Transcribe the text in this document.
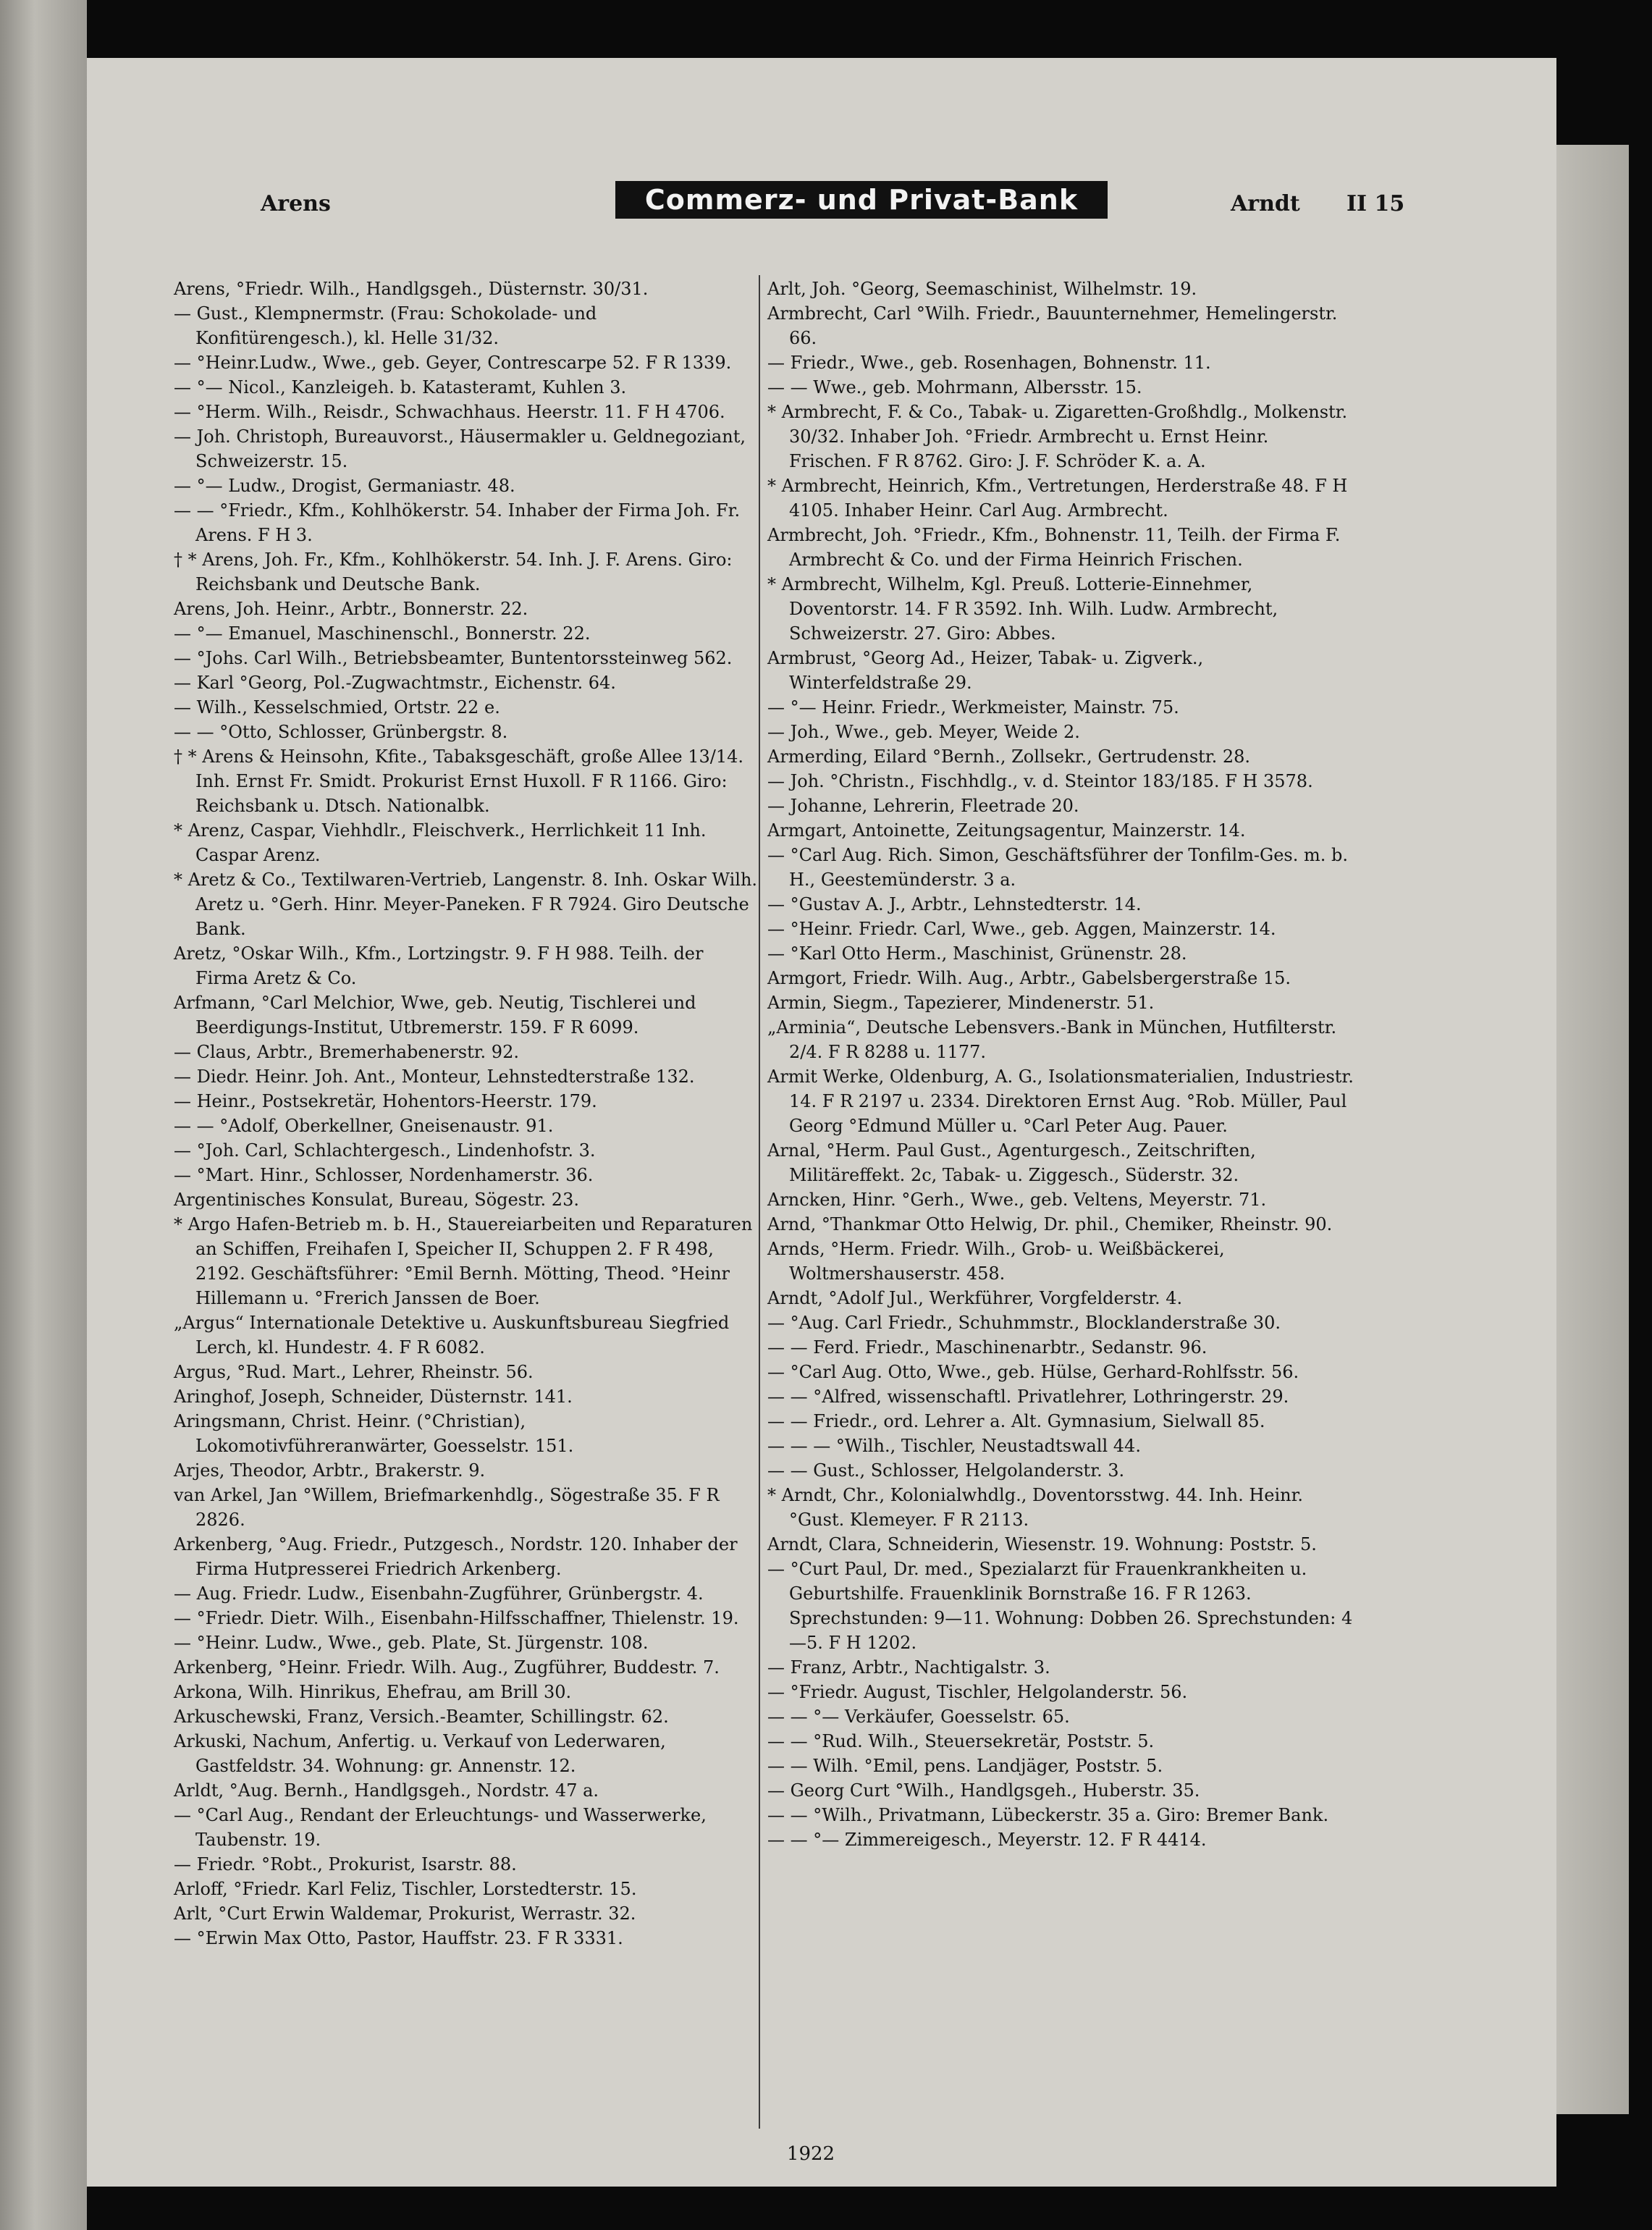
Arens	Commerz- und Privat-Bank	Arndt II 15

Arens, °Friedr. Wilh., Handlgsgeh., Düsternstr. 30/31.

— Gust., Klempnermstr. (Frau: Schokolade- und Konfitürengesch.), kl. Helle 31/32.

— °Heinr.Ludw., Wwe., geb. Geyer, Contrescarpe 52. F R 1339.

— °— Nicol., Kanzleigeh. b. Katasteramt, Kuhlen 3.

— °Herm. Wilh., Reisdr., Schwachhaus. Heerstr. 11. F H 4706.

— Joh. Christoph, Bureauvorst., Häusermakler u. Geldnegoziant, Schweizerstr. 15.

— °— Ludw., Drogist, Germaniastr. 48.

— — °Friedr., Kfm., Kohlhökerstr. 54. Inhaber der Firma Joh. Fr. Arens. F H 3.

† * Arens, Joh. Fr., Kfm., Kohlhökerstr. 54. Inh. J. F. Arens. Giro: Reichsbank und Deutsche Bank.

Arens, Joh. Heinr., Arbtr., Bonnerstr. 22.

— °— Emanuel, Maschinenschl., Bonnerstr. 22.

— °Johs. Carl Wilh., Betriebsbeamter, Buntentorssteinweg 562.

— Karl °Georg, Pol.-Zugwachtmstr., Eichenstr. 64.

— Wilh., Kesselschmied, Ortstr. 22 e.

— — °Otto, Schlosser, Grünbergstr. 8.

† * Arens & Heinsohn, Kfite., Tabaksgeschäft, große Allee 13/14. Inh. Ernst Fr. Smidt. Prokurist Ernst Huxoll. F R 1166. Giro: Reichsbank u. Dtsch. Nationalbk.

* Arenz, Caspar, Viehhdlr., Fleischverk., Herrlichkeit 11 Inh. Caspar Arenz.

* Aretz & Co., Textilwaren-Vertrieb, Langenstr. 8. Inh. Oskar Wilh. Aretz u. °Gerh. Hinr. Meyer-Paneken. F R 7924. Giro Deutsche Bank.

Aretz, °Oskar Wilh., Kfm., Lortzingstr. 9. F H 988. Teilh. der Firma Aretz & Co.

Arfmann, °Carl Melchior, Wwe, geb. Neutig, Tischlerei und Beerdigungs-Institut, Utbremerstr. 159. F R 6099.

— Claus, Arbtr., Bremerhabenerstr. 92.

— Diedr. Heinr. Joh. Ant., Monteur, Lehnstedterstraße 132.

— Heinr., Postsekretär, Hohentors-Heerstr. 179.

— — °Adolf, Oberkellner, Gneisenaustr. 91.

— °Joh. Carl, Schlachtergesch., Lindenhofstr. 3.

— °Mart. Hinr., Schlosser, Nordenhamerstr. 36.

Argentinisches Konsulat, Bureau, Sögestr. 23.

* Argo Hafen-Betrieb m. b. H., Stauereiarbeiten und Reparaturen an Schiffen, Freihafen I, Speicher II, Schuppen 2. F R 498, 2192. Geschäftsführer: °Emil Bernh. Mötting, Theod. °Heinr Hillemann u. °Frerich Janssen de Boer.

„Argus“ Internationale Detektive u. Auskunftsbureau Siegfried Lerch, kl. Hundestr. 4. F R 6082.

Argus, °Rud. Mart., Lehrer, Rheinstr. 56.

Aringhof, Joseph, Schneider, Düsternstr. 141.

Aringsmann, Christ. Heinr. (°Christian), Lokomotivführeranwärter, Goesselstr. 151.

Arjes, Theodor, Arbtr., Brakerstr. 9.

van Arkel, Jan °Willem, Briefmarkenhdlg., Sögestraße 35. F R 2826.

Arkenberg, °Aug. Friedr., Putzgesch., Nordstr. 120. Inhaber der Firma Hutpresserei Friedrich Arkenberg.

— Aug. Friedr. Ludw., Eisenbahn-Zugführer, Grünbergstr. 4.

— °Friedr. Dietr. Wilh., Eisenbahn-Hilfsschaffner, Thielenstr. 19.

— °Heinr. Ludw., Wwe., geb. Plate, St. Jürgenstr. 108.

Arkenberg, °Heinr. Friedr. Wilh. Aug., Zugführer, Buddestr. 7.

Arkona, Wilh. Hinrikus, Ehefrau, am Brill 30.

Arkuschewski, Franz, Versich.-Beamter, Schillingstr. 62.

Arkuski, Nachum, Anfertig. u. Verkauf von Lederwaren, Gastfeldstr. 34. Wohnung: gr. Annenstr. 12.

Arldt, °Aug. Bernh., Handlgsgeh., Nordstr. 47 a.

— °Carl Aug., Rendant der Erleuchtungs- und Wasserwerke, Taubenstr. 19.

— Friedr. °Robt., Prokurist, Isarstr. 88.

Arloff, °Friedr. Karl Feliz, Tischler, Lorstedterstr. 15.

Arlt, °Curt Erwin Waldemar, Prokurist, Werrastr. 32.

— °Erwin Max Otto, Pastor, Hauffstr. 23. F R 3331.

Arlt, Joh. °Georg, Seemaschinist, Wilhelmstr. 19.

Armbrecht, Carl °Wilh. Friedr., Bauunternehmer, Hemelingerstr. 66.

— Friedr., Wwe., geb. Rosenhagen, Bohnenstr. 11.

— — Wwe., geb. Mohrmann, Albersstr. 15.

* Armbrecht, F. & Co., Tabak- u. Zigaretten-Großhdlg., Molkenstr. 30/32. Inhaber Joh. °Friedr. Armbrecht u. Ernst Heinr. Frischen. F R 8762. Giro: J. F. Schröder K. a. A.

* Armbrecht, Heinrich, Kfm., Vertretungen, Herderstraße 48. F H 4105. Inhaber Heinr. Carl Aug. Armbrecht.

Armbrecht, Joh. °Friedr., Kfm., Bohnenstr. 11, Teilh. der Firma F. Armbrecht & Co. und der Firma Heinrich Frischen.

* Armbrecht, Wilhelm, Kgl. Preuß. Lotterie-Einnehmer, Doventorstr. 14. F R 3592. Inh. Wilh. Ludw. Armbrecht, Schweizerstr. 27. Giro: Abbes.

Armbrust, °Georg Ad., Heizer, Tabak- u. Zigverk., Winterfeldstraße 29.

— °— Heinr. Friedr., Werkmeister, Mainstr. 75.

— Joh., Wwe., geb. Meyer, Weide 2.

Armerding, Eilard °Bernh., Zollsekr., Gertrudenstr. 28.

— Joh. °Christn., Fischhdlg., v. d. Steintor 183/185. F H 3578.

— Johanne, Lehrerin, Fleetrade 20.

Armgart, Antoinette, Zeitungsagentur, Mainzerstr. 14.

— °Carl Aug. Rich. Simon, Geschäftsführer der Tonfilm-Ges. m. b. H., Geestemünderstr. 3 a.

— °Gustav A. J., Arbtr., Lehnstedterstr. 14.

— °Heinr. Friedr. Carl, Wwe., geb. Aggen, Mainzerstr. 14.

— °Karl Otto Herm., Maschinist, Grünenstr. 28.

Armgort, Friedr. Wilh. Aug., Arbtr., Gabelsbergerstraße 15.

Armin, Siegm., Tapezierer, Mindenerstr. 51.

„Arminia“, Deutsche Lebensvers.-Bank in München, Hutfilterstr. 2/4. F R 8288 u. 1177.

Armit Werke, Oldenburg, A. G., Isolationsmaterialien, Industriestr. 14. F R 2197 u. 2334. Direktoren Ernst Aug. °Rob. Müller, Paul Georg °Edmund Müller u. °Carl Peter Aug. Pauer.

Arnal, °Herm. Paul Gust., Agenturgesch., Zeitschriften, Militäreffekt. 2c, Tabak- u. Ziggesch., Süderstr. 32.

Arncken, Hinr. °Gerh., Wwe., geb. Veltens, Meyerstr. 71.

Arnd, °Thankmar Otto Helwig, Dr. phil., Chemiker, Rheinstr. 90.

Arnds, °Herm. Friedr. Wilh., Grob- u. Weißbäckerei, Woltmershauserstr. 458.

Arndt, °Adolf Jul., Werkführer, Vorgfelderstr. 4.

— °Aug. Carl Friedr., Schuhmmstr., Blocklanderstraße 30.

— — Ferd. Friedr., Maschinenarbtr., Sedanstr. 96.

— °Carl Aug. Otto, Wwe., geb. Hülse, Gerhard-Rohlfsstr. 56.

— — °Alfred, wissenschaftl. Privatlehrer, Lothringerstr. 29.

— — Friedr., ord. Lehrer a. Alt. Gymnasium, Sielwall 85.

— — — °Wilh., Tischler, Neustadtswall 44.

— — Gust., Schlosser, Helgolanderstr. 3.

* Arndt, Chr., Kolonialwhdlg., Doventorsstwg. 44. Inh. Heinr. °Gust. Klemeyer. F R 2113.

Arndt, Clara, Schneiderin, Wiesenstr. 19. Wohnung: Poststr. 5.

— °Curt Paul, Dr. med., Spezialarzt für Frauenkrankheiten u. Geburtshilfe. Frauenklinik Bornstraße 16. F R 1263. Sprechstunden: 9—11. Wohnung: Dobben 26. Sprechstunden: 4—5. F H 1202.

— Franz, Arbtr., Nachtigalstr. 3.

— °Friedr. August, Tischler, Helgolanderstr. 56.

— — °— Verkäufer, Goesselstr. 65.

— — °Rud. Wilh., Steuersekretär, Poststr. 5.

— — Wilh. °Emil, pens. Landjäger, Poststr. 5.

— Georg Curt °Wilh., Handlgsgeh., Huberstr. 35.

— — °Wilh., Privatmann, Lübeckerstr. 35 a. Giro: Bremer Bank.

— — °— Zimmereigesch., Meyerstr. 12. F R 4414.

1922
